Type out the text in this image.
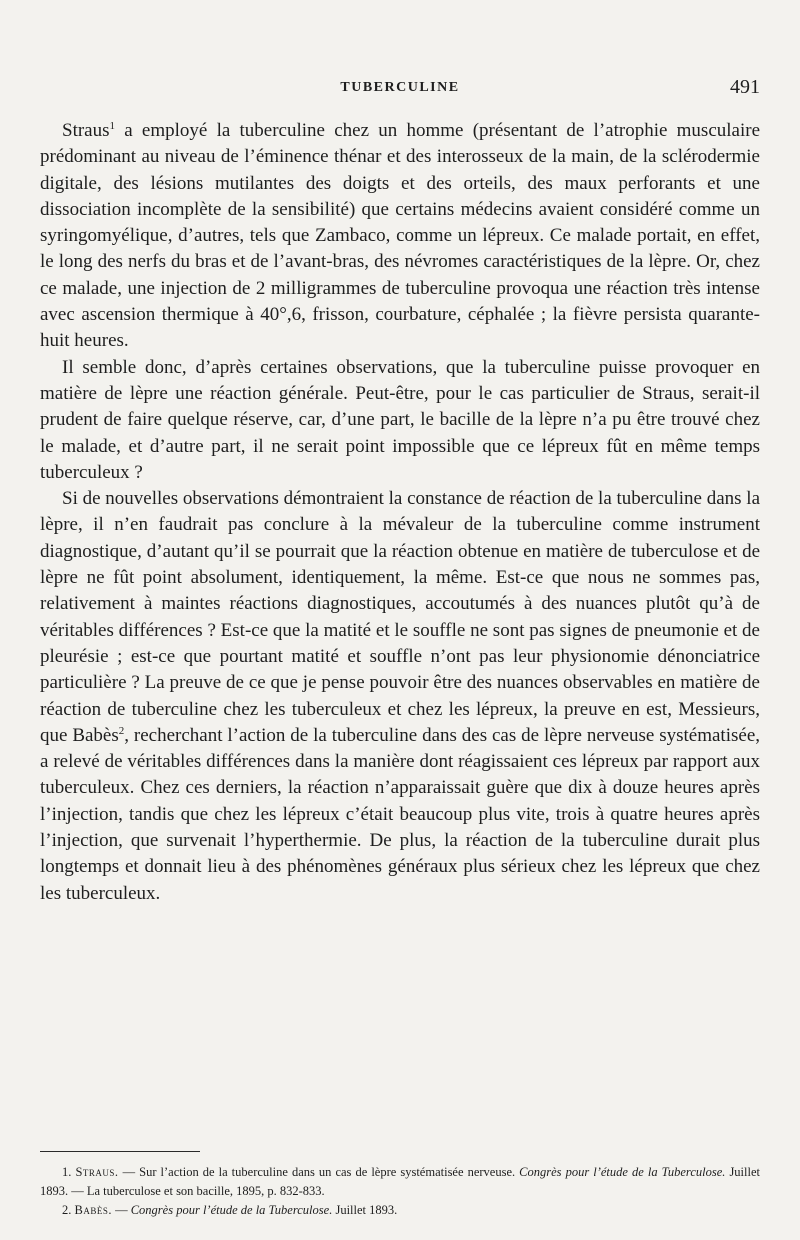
TUBERCULINE	491

Straus$^1$ a employé la tuberculine chez un homme (présentant de l’atrophie musculaire prédominant au niveau de l’éminence thénar et des interosseux de la main, de la sclérodermie digitale, des lésions mutilantes des doigts et des orteils, des maux perforants et une dissociation incomplète de la sensibilité) que certains médecins avaient considéré comme un syringomyélique, d’autres, tels que Zambaco, comme un lépreux. Ce malade portait, en effet, le long des nerfs du bras et de l’avant-bras, des névromes caractéristiques de la lèpre. Or, chez ce malade, une injection de 2 milligrammes de tuberculine provoqua une réaction très intense avec ascension thermique à 40°,6, frisson, courbature, céphalée ; la fièvre persista quarante-huit heures.

Il semble donc, d’après certaines observations, que la tuberculine puisse provoquer en matière de lèpre une réaction générale. Peut-être, pour le cas particulier de Straus, serait-il prudent de faire quelque réserve, car, d’une part, le bacille de la lèpre n’a pu être trouvé chez le malade, et d’autre part, il ne serait point impossible que ce lépreux fût en même temps tuberculeux ?

Si de nouvelles observations démontraient la constance de réaction de la tuberculine dans la lèpre, il n’en faudrait pas conclure à la mévaleur de la tuberculine comme instrument diagnostique, d’autant qu’il se pourrait que la réaction obtenue en matière de tuberculose et de lèpre ne fût point absolument, identiquement, la même. Est-ce que nous ne sommes pas, relativement à maintes réactions diagnostiques, accoutumés à des nuances plutôt qu’à de véritables différences ? Est-ce que la matité et le souffle ne sont pas signes de pneumonie et de pleurésie ; est-ce que pourtant matité et souffle n’ont pas leur physionomie dénonciatrice particulière ? La preuve de ce que je pense pouvoir être des nuances observables en matière de réaction de tuberculine chez les tuberculeux et chez les lépreux, la preuve en est, Messieurs, que Babès$^2$, recherchant l’action de la tuberculine dans des cas de lèpre nerveuse systématisée, a relevé de véritables différences dans la manière dont réagissaient ces lépreux par rapport aux tuberculeux. Chez ces derniers, la réaction n’apparaissait guère que dix à douze heures après l’injection, tandis que chez les lépreux c’était beaucoup plus vite, trois à quatre heures après l’injection, que survenait l’hyperthermie. De plus, la réaction de la tuberculine durait plus longtemps et donnait lieu à des phénomènes généraux plus sérieux chez les lépreux que chez les tuberculeux.

1. Straus. — Sur l’action de la tuberculine dans un cas de lèpre systématisée nerveuse. Congrès pour l’étude de la Tuberculose. Juillet 1893. — La tuberculose et son bacille, 1895, p. 832-833.

2. Babès. — Congrès pour l’étude de la Tuberculose. Juillet 1893.
